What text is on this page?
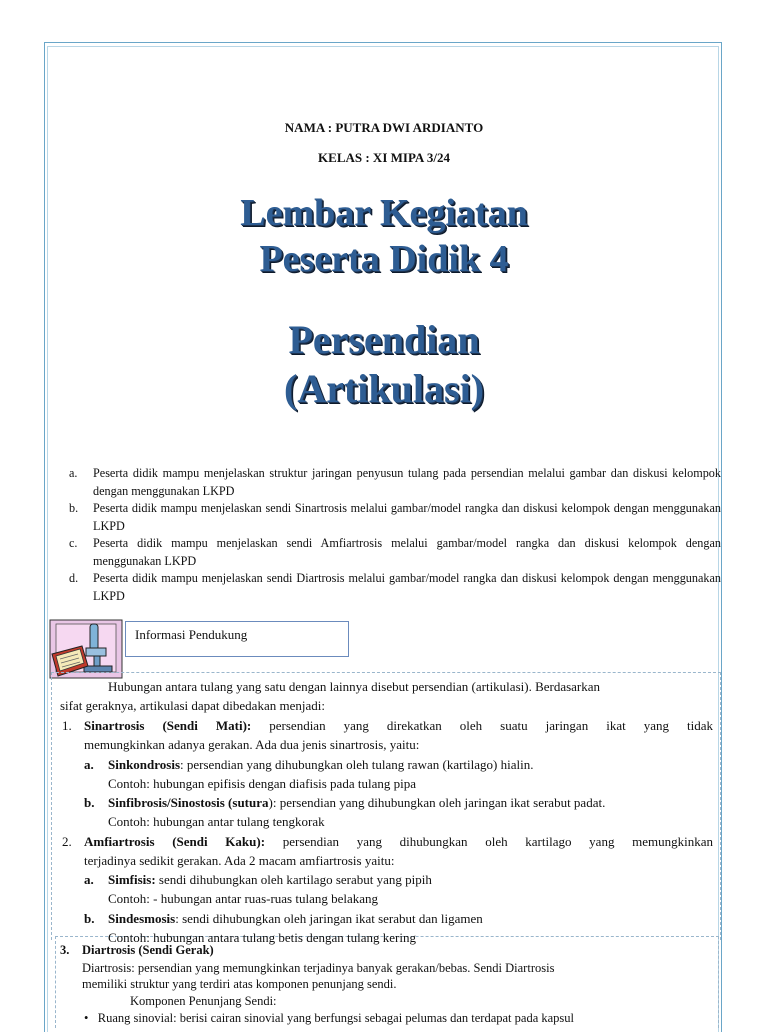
NAMA : PUTRA DWI ARDIANTO
KELAS : XI MIPA 3/24
Lembar Kegiatan
Peserta Didik 4
Persendian
(Artikulasi)
a. Peserta didik mampu menjelaskan struktur jaringan penyusun tulang pada persendian melalui gambar dan diskusi kelompok dengan menggunakan LKPD
b. Peserta didik mampu menjelaskan sendi Sinartrosis melalui gambar/model rangka dan diskusi kelompok dengan menggunakan LKPD
c. Peserta didik mampu menjelaskan sendi Amfiartrosis melalui gambar/model rangka dan diskusi kelompok dengan menggunakan LKPD
d. Peserta didik mampu menjelaskan sendi Diartrosis melalui gambar/model rangka dan diskusi kelompok dengan menggunakan LKPD
Informasi Pendukung
Hubungan antara tulang yang satu dengan lainnya disebut persendian (artikulasi). Berdasarkan
sifat geraknya, artikulasi dapat dibedakan menjadi:
1. Sinartrosis (Sendi Mati): persendian yang direkatkan oleh suatu jaringan ikat yang tidak
memungkinkan adanya gerakan. Ada dua jenis sinartrosis, yaitu:
a. Sinkondrosis: persendian yang dihubungkan oleh tulang rawan (kartilago) hialin.
Contoh: hubungan epifisis dengan diafisis pada tulang pipa
b. Sinfibrosis/Sinostosis (sutura): persendian yang dihubungkan oleh jaringan ikat serabut padat.
Contoh: hubungan antar tulang tengkorak
2. Amfiartrosis (Sendi Kaku): persendian yang dihubungkan oleh kartilago yang memungkinkan
terjadinya sedikit gerakan. Ada 2 macam amfiartrosis yaitu:
a. Simfisis: sendi dihubungkan oleh kartilago serabut yang pipih
Contoh: - hubungan antar ruas-ruas tulang belakang
b. Sindesmosis: sendi dihubungkan oleh jaringan ikat serabut dan ligamen
Contoh: hubungan antara tulang betis dengan tulang kering
3. Diartrosis (Sendi Gerak)
Diartrosis: persendian yang memungkinkan terjadinya banyak gerakan/bebas. Sendi Diartrosis
memiliki struktur yang terdiri atas komponen penunjang sendi.
Komponen Penunjang Sendi:
• Ruang sinovial: berisi cairan sinovial yang berfungsi sebagai pelumas dan terdapat pada kapsul
